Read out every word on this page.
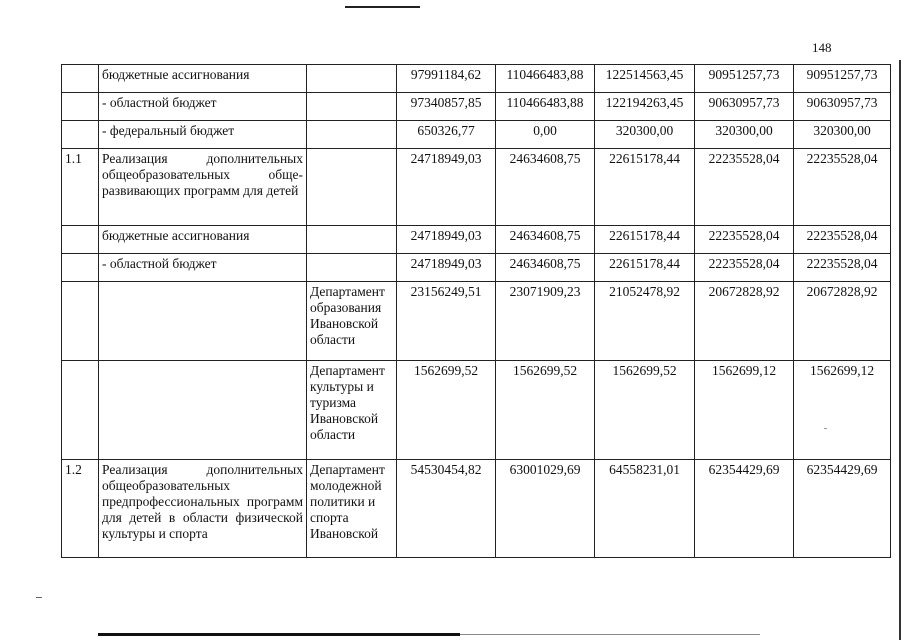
148
	бюджетные ассигнования		97991184,62	110466483,88	122514563,45	90951257,73	90951257,73
	- областной бюджет		97340857,85	110466483,88	122194263,45	90630957,73	90630957,73
	- федеральный бюджет		650326,77	0,00	320300,00	320300,00	320300,00
1.1	Реализация дополнительных общеобразовательных обще-развивающих программ для детей		24718949,03	24634608,75	22615178,44	22235528,04	22235528,04
	бюджетные ассигнования		24718949,03	24634608,75	22615178,44	22235528,04	22235528,04
	- областной бюджет		24718949,03	24634608,75	22615178,44	22235528,04	22235528,04
		Департамент образования Ивановской области	23156249,51	23071909,23	21052478,92	20672828,92	20672828,92
		Департамент культуры и туризма Ивановской области	1562699,52	1562699,52	1562699,52	1562699,12	1562699,12
1.2	Реализация дополнительных общеобразовательных предпрофессиональных программ для детей в области физической культуры и спорта	Департамент молодежной политики и спорта Ивановской	54530454,82	63001029,69	64558231,01	62354429,69	62354429,69
